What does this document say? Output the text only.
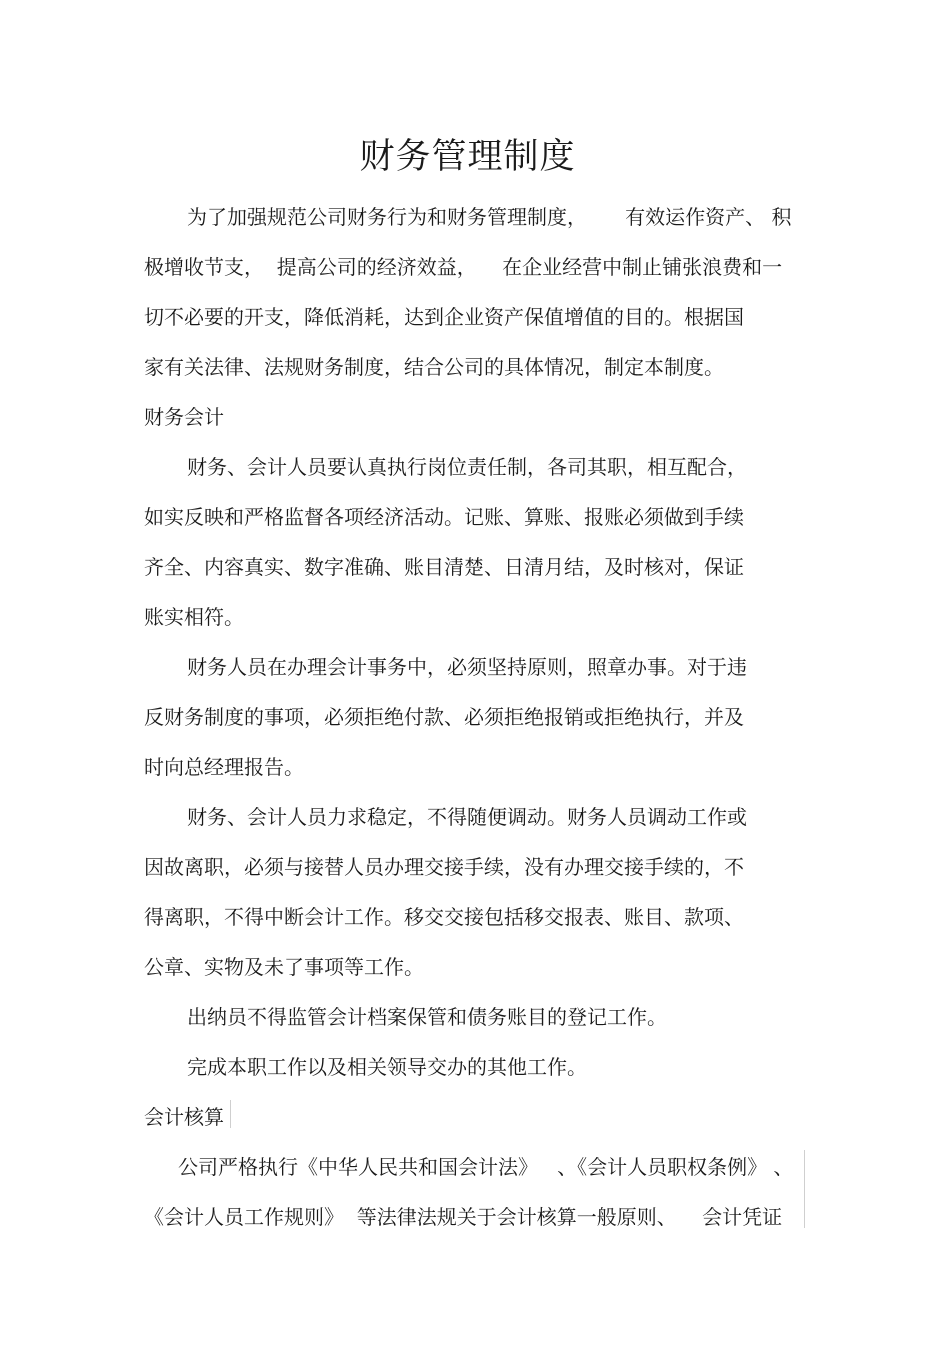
财务管理制度
为了加强规范公司财务行为和财务管理制度，      有效运作资产、 积
极增收节支，  提高公司的经济效益，    在企业经营中制止铺张浪费和一
切不必要的开支，降低消耗，达到企业资产保值增值的目的。根据国
家有关法律、法规财务制度，结合公司的具体情况，制定本制度。
财务会计
财务、会计人员要认真执行岗位责任制，各司其职，相互配合，
如实反映和严格监督各项经济活动。记账、算账、报账必须做到手续
齐全、内容真实、数字准确、账目清楚、日清月结，及时核对，保证
账实相符。
财务人员在办理会计事务中，必须坚持原则，照章办事。对于违
反财务制度的事项，必须拒绝付款、必须拒绝报销或拒绝执行，并及
时向总经理报告。
财务、会计人员力求稳定，不得随便调动。财务人员调动工作或
因故离职，必须与接替人员办理交接手续，没有办理交接手续的，不
得离职，不得中断会计工作。移交交接包括移交报表、账目、款项、
公章、实物及未了事项等工作。
出纳员不得监管会计档案保管和债务账目的登记工作。
完成本职工作以及相关领导交办的其他工作。
会计核算
公司严格执行《中华人民共和国会计法》   、《会计人员职权条例》 、
《会计人员工作规则》  等法律法规关于会计核算一般原则、    会计凭证
